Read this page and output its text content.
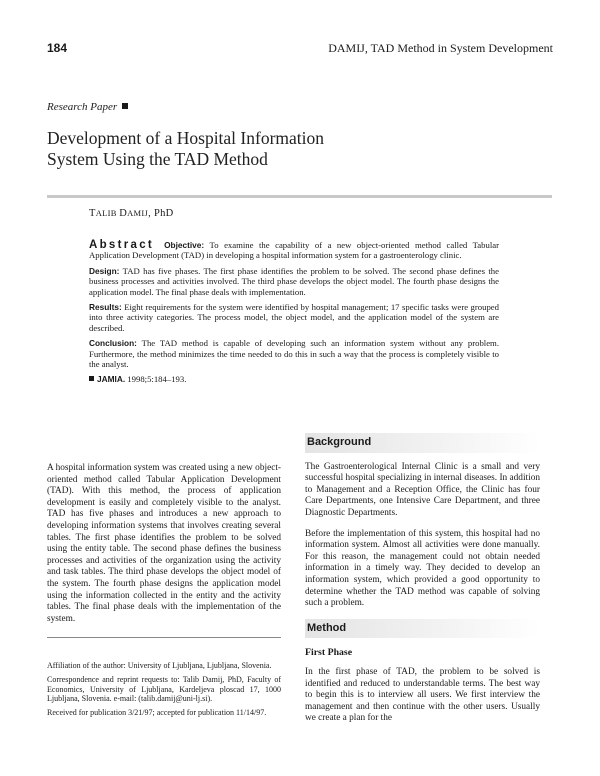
184	DAMIJ, TAD Method in System Development
Research Paper
Development of a Hospital Information System Using the TAD Method
TALIB DAMIJ, PhD

Abstract Objective: To examine the capability of a new object-oriented method called Tabular Application Development (TAD) in developing a hospital information system for a gastroenterology clinic.

Design: TAD has five phases. The first phase identifies the problem to be solved. The second phase defines the business processes and activities involved. The third phase develops the object model. The fourth phase designs the application model. The final phase deals with implementation.

Results: Eight requirements for the system were identified by hospital management; 17 specific tasks were grouped into three activity categories. The process model, the object model, and the application model of the system are described.

Conclusion: The TAD method is capable of developing such an information system without any problem. Furthermore, the method minimizes the time needed to do this in such a way that the process is completely visible to the analyst.

JAMIA. 1998;5:184–193.

A hospital information system was created using a new object-oriented method called Tabular Application Development (TAD). With this method, the process of application development is easily and completely visible to the analyst. TAD has five phases and introduces a new approach to developing information systems that involves creating several tables. The first phase identifies the problem to be solved using the entity table. The second phase defines the business processes and activities of the organization using the activity and task tables. The third phase develops the object model of the system. The fourth phase designs the application model using the information collected in the entity and the activity tables. The final phase deals with the implementation of the system.

Affiliation of the author: University of Ljubljana, Ljubljana, Slovenia.

Correspondence and reprint requests to: Talib Damij, PhD, Faculty of Economics, University of Ljubljana, Kardeljeva ploscad 17, 1000 Ljubljana, Slovenia. e-mail: (talib.damij@uni-lj.si).

Received for publication 3/21/97; accepted for publication 11/14/97.

Background

The Gastroenterological Internal Clinic is a small and very successful hospital specializing in internal diseases. In addition to Management and a Reception Office, the Clinic has four Care Departments, one Intensive Care Department, and three Diagnostic Departments.

Before the implementation of this system, this hospital had no information system. Almost all activities were done manually. For this reason, the management could not obtain needed information in a timely way. They decided to develop an information system, which provided a good opportunity to determine whether the TAD method was capable of solving such a problem.

Method
First Phase

In the first phase of TAD, the problem to be solved is identified and reduced to understandable terms. The best way to begin this is to interview all users. We first interview the management and then continue with the other users. Usually we create a plan for the
